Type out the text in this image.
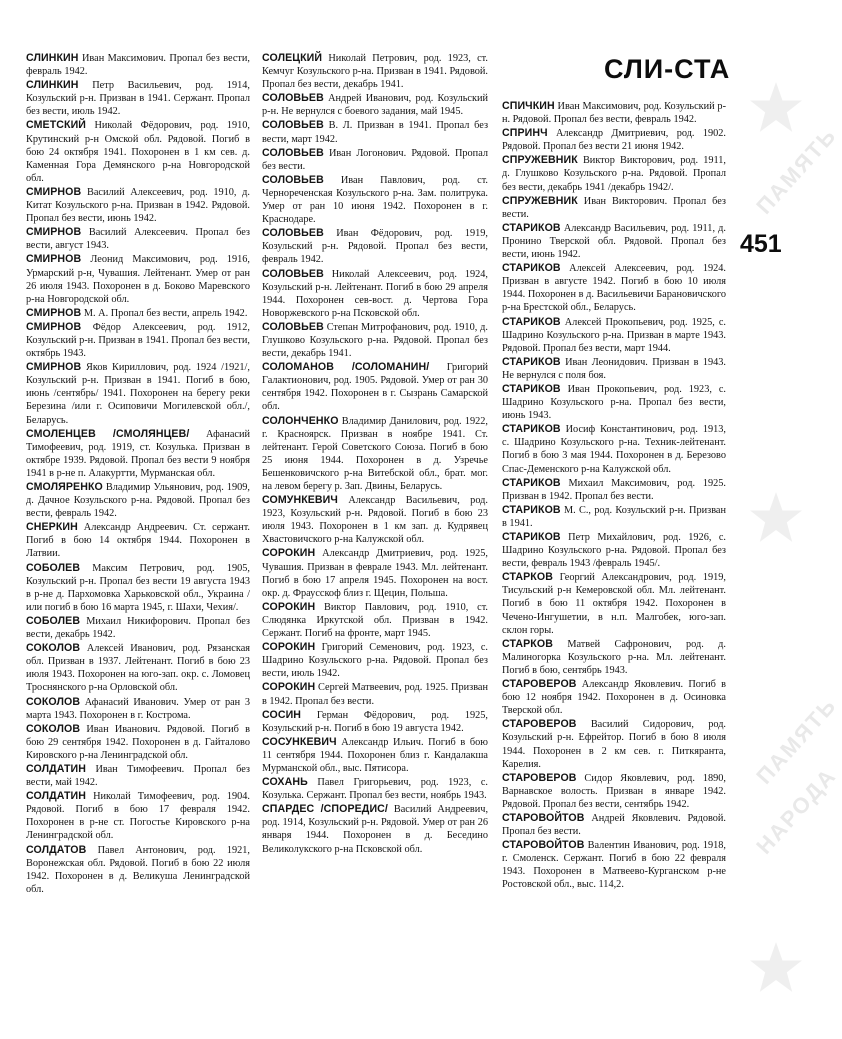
ПАМЯТЬ
ПАМЯТЬ
НАРОДА
СЛИ-СТА
451
СЛИНКИН Иван Максимович. Пропал без вести, февраль 1942.
СЛИНКИН Петр Васильевич, род. 1914, Козульский р-н. Призван в 1941. Сержант. Пропал без вести, июль 1942.
СМЕТСКИЙ Николай Фёдорович, род. 1910, Крутинский р-н Омской обл. Рядовой. Погиб в бою 24 октября 1941. Похоронен в 1 км сев. д. Каменная Гора Демянского р-на Новгородской обл.
СМИРНОВ Василий Алексеевич, род. 1910, д. Китат Козульского р-на. Призван в 1942. Рядовой. Пропал без вести, июнь 1942.
СМИРНОВ Василий Алексеевич. Пропал без вести, август 1943.
СМИРНОВ Леонид Максимович, род. 1916, Урмарский р-н, Чувашия. Лейтенант. Умер от ран 26 июля 1943. Похоронен в д. Боково Маревского р-на Новгородской обл.
СМИРНОВ М. А. Пропал без вести, апрель 1942.
СМИРНОВ Фёдор Алексеевич, род. 1912, Козульский р-н. Призван в 1941. Пропал без вести, октябрь 1943.
СМИРНОВ Яков Кириллович, род. 1924 /1921/, Козульский р-н. Призван в 1941. Погиб в бою, июнь /сентябрь/ 1941. Похоронен на берегу реки Березина /или г. Осиповичи Могилевской обл./, Беларусь.
СМОЛЕНЦЕВ /СМОЛЯНЦЕВ/ Афанасий Тимофеевич, род. 1919, ст. Козулька. Призван в октябре 1939. Рядовой. Пропал без вести 9 ноября 1941 в р-не п. Алакуртти, Мурманская обл.
СМОЛЯРЕНКО Владимир Ульянович, род. 1909, д. Дачное Козульского р-на. Рядовой. Пропал без вести, февраль 1942.
СНЕРКИН Александр Андреевич. Ст. сержант. Погиб в бою 14 октября 1944. Похоронен в Латвии.
СОБОЛЕВ Максим Петрович, род. 1905, Козульский р-н. Пропал без вести 19 августа 1943 в р-не д. Пархомовка Харьковской обл., Украина /или погиб в бою 16 марта 1945, г. Шахи, Чехия/.
СОБОЛЕВ Михаил Никифорович. Пропал без вести, декабрь 1942.
СОКОЛОВ Алексей Иванович, род. Рязанская обл. Призван в 1937. Лейтенант. Погиб в бою 23 июля 1943. Похоронен на юго-зап. окр. с. Ломовец Троснянского р-на Орловской обл.
СОКОЛОВ Афанасий Иванович. Умер от ран 3 марта 1943. Похоронен в г. Кострома.
СОКОЛОВ Иван Иванович. Рядовой. Погиб в бою 29 сентября 1942. Похоронен в д. Гайталово Кировского р-на Ленинградской обл.
СОЛДАТИН Иван Тимофеевич. Пропал без вести, май 1942.
СОЛДАТИН Николай Тимофеевич, род. 1904. Рядовой. Погиб в бою 17 февраля 1942. Похоронен в р-не ст. Погостье Кировского р-на Ленинградской обл.
СОЛДАТОВ Павел Антонович, род. 1921, Воронежская обл. Рядовой. Погиб в бою 22 июля 1942. Похоронен в д. Великуша Ленинградской обл.
СОЛЕЦКИЙ Николай Петрович, род. 1923, ст. Кемчуг Козульского р-на. Призван в 1941. Рядовой. Пропал без вести, декабрь 1941.
СОЛОВЬЕВ Андрей Иванович, род. Козульский р-н. Не вернулся с боевого задания, май 1945.
СОЛОВЬЕВ В. Л. Призван в 1941. Пропал без вести, март 1942.
СОЛОВЬЕВ Иван Логонович. Рядовой. Пропал без вести.
СОЛОВЬЕВ Иван Павлович, род. ст. Чернореченская Козульского р-на. Зам. политрука. Умер от ран 10 июня 1942. Похоронен в г. Краснодаре.
СОЛОВЬЕВ Иван Фёдорович, род. 1919, Козульский р-н. Рядовой. Пропал без вести, февраль 1942.
СОЛОВЬЕВ Николай Алексеевич, род. 1924, Козульский р-н. Лейтенант. Погиб в бою 29 апреля 1944. Похоронен сев-вост. д. Чертова Гора Новоржевского р-на Псковской обл.
СОЛОВЬЕВ Степан Митрофанович, род. 1910, д. Глушково Козульского р-на. Рядовой. Пропал без вести, декабрь 1941.
СОЛОМАНОВ /СОЛОМАНИН/ Григорий Галактионович, род. 1905. Рядовой. Умер от ран 30 сентября 1942. Похоронен в г. Сызрань Самарской обл.
СОЛОНЧЕНКО Владимир Данилович, род. 1922, г. Красноярск. Призван в ноябре 1941. Ст. лейтенант. Герой Советского Союза. Погиб в бою 25 июня 1944. Похоронен в д. Узречье Бешенковичского р-на Витебской обл., брат. мог. на левом берегу р. Зап. Двины, Беларусь.
СОМУНКЕВИЧ Александр Васильевич, род. 1923, Козульский р-н. Рядовой. Погиб в бою 23 июля 1943. Похоронен в 1 км зап. д. Кудрявец Хвастовичского р-на Калужской обл.
СОРОКИН Александр Дмитриевич, род. 1925, Чувашия. Призван в феврале 1943. Мл. лейтенант. Погиб в бою 17 апреля 1945. Похоронен на вост. окр. д. Фраусскоф близ г. Щецин, Польша.
СОРОКИН Виктор Павлович, род. 1910, ст. Слюдянка Иркутской обл. Призван в 1942. Сержант. Погиб на фронте, март 1945.
СОРОКИН Григорий Семенович, род. 1923, с. Шадрино Козульского р-на. Рядовой. Пропал без вести, июль 1942.
СОРОКИН Сергей Матвеевич, род. 1925. Призван в 1942. Пропал без вести.
СОСИН Герман Фёдорович, род. 1925, Козульский р-н. Погиб в бою 19 августа 1942.
СОСУНКЕВИЧ Александр Ильич. Погиб в бою 11 сентября 1944. Похоронен близ г. Кандалакша Мурманской обл., выс. Пятисора.
СОХАНЬ Павел Григорьевич, род. 1923, с. Козулька. Сержант. Пропал без вести, ноябрь 1943.
СПАРДЕС /СПОРЕДИС/ Василий Андреевич, род. 1914, Козульский р-н. Рядовой. Умер от ран 26 января 1944. Похоронен в д. Бесединo Великолукского р-на Псковской обл.
СПИЧКИН Иван Максимович, род. Козульский р-н. Рядовой. Пропал без вести, февраль 1942.
СПРИНЧ Александр Дмитриевич, род. 1902. Рядовой. Пропал без вести 21 июня 1942.
СПРУЖЕВНИК Виктор Викторович, род. 1911, д. Глушково Козульского р-на. Рядовой. Пропал без вести, декабрь 1941 /декабрь 1942/.
СПРУЖЕВНИК Иван Викторович. Пропал без вести.
СТАРИКОВ Александр Васильевич, род. 1911, д. Пронино Тверской обл. Рядовой. Пропал без вести, июнь 1942.
СТАРИКОВ Алексей Алексеевич, род. 1924. Призван в августе 1942. Погиб в бою 10 июля 1944. Похоронен в д. Васильевичи Барановичского р-на Брестской обл., Беларусь.
СТАРИКОВ Алексей Прокопьевич, род. 1925, с. Шадрино Козульского р-на. Призван в марте 1943. Рядовой. Пропал без вести, март 1944.
СТАРИКОВ Иван Леонидович. Призван в 1943. Не вернулся с поля боя.
СТАРИКОВ Иван Прокопьевич, род. 1923, с. Шадрино Козульского р-на. Пропал без вести, июнь 1943.
СТАРИКОВ Иосиф Константинович, род. 1913, с. Шадрино Козульского р-на. Техник-лейтенант. Погиб в бою 3 мая 1944. Похоронен в д. Березово Спас-Деменского р-на Калужской обл.
СТАРИКОВ Михаил Максимович, род. 1925. Призван в 1942. Пропал без вести.
СТАРИКОВ М. С., род. Козульский р-н. Призван в 1941.
СТАРИКОВ Петр Михайлович, род. 1926, с. Шадрино Козульского р-на. Рядовой. Пропал без вести, февраль 1943 /февраль 1945/.
СТАРКОВ Георгий Александрович, род. 1919, Тисульский р-н Кемеровской обл. Мл. лейтенант. Погиб в бою 11 октября 1942. Похоронен в Чечено-Ингушетии, в н.п. Малгобек, юго-зап. склон горы.
СТАРКОВ Матвей Сафронович, род. д. Малиногорка Козульского р-на. Мл. лейтенант. Погиб в бою, сентябрь 1943.
СТАРОВЕРОВ Александр Яковлевич. Погиб в бою 12 ноября 1942. Похоронен в д. Осиновка Тверской обл.
СТАРОВЕРОВ Василий Сидорович, род. Козульский р-н. Ефрейтор. Погиб в бою 8 июля 1944. Похоронен в 2 км сев. г. Питкяранта, Карелия.
СТАРОВЕРОВ Сидор Яковлевич, род. 1890, Варнавское волость. Призван в январе 1942. Рядовой. Пропал без вести, сентябрь 1942.
СТАРОВОЙТОВ Андрей Яковлевич. Рядовой. Пропал без вести.
СТАРОВОЙТОВ Валентин Иванович, род. 1918, г. Смоленск. Сержант. Погиб в бою 22 февраля 1943. Похоронен в Матвеево-Курганском р-не Ростовской обл., выс. 114,2.
